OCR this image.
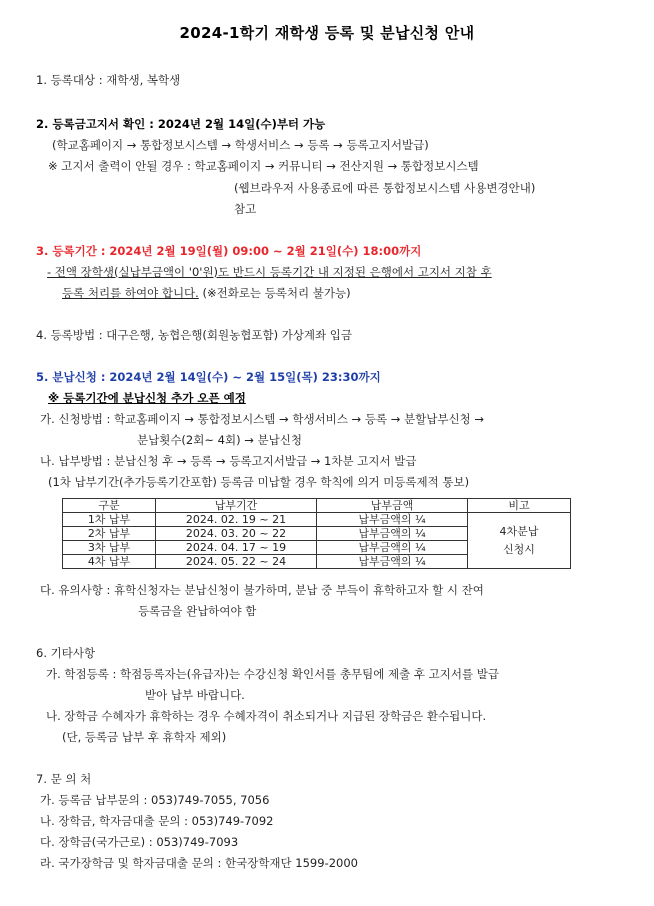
2024-1학기 재학생 등록 및 분납신청 안내
1. 등록대상 : 재학생, 복학생
2. 등록금고지서 확인 : 2024년 2월 14일(수)부터 가능
(학교홈페이지 → 통합정보시스템 → 학생서비스 → 등록 → 등록고지서발급)
※ 고지서 출력이 안될 경우 : 학교홈페이지 → 커뮤니티 → 전산지원 → 통합정보시스템
(웹브라우저 사용종료에 따른 통합정보시스템 사용변경안내)
참고
3. 등록기간 : 2024년 2월 19일(월) 09:00 ~ 2월 21일(수) 18:00까지
- 전액 장학생(실납부금액이 '0'원)도 반드시 등록기간 내 지정된 은행에서 고지서 지참 후
등록 처리를 하여야 합니다. (※전화로는 등록처리 불가능)
4. 등록방법 : 대구은행, 농협은행(회원농협포함) 가상계좌 입금
5. 분납신청 : 2024년 2월 14일(수) ~ 2월 15일(목) 23:30까지
※ 등록기간에 분납신청 추가 오픈 예정
가. 신청방법 : 학교홈페이지 → 통합정보시스템 → 학생서비스 → 등록 → 분할납부신청 →
분납횟수(2회~ 4회) → 분납신청
나. 납부방법 : 분납신청 후 → 등록 → 등록고지서발급 → 1차분 고지서 발급
(1차 납부기간(추가등록기간포함) 등록금 미납할 경우 학칙에 의거 미등록제적 통보)
구분	납부기간	납부금액	비고
1차 납부	2024. 02. 19 ~ 21	납부금액의 ¼	4차분납
신청시
2차 납부	2024. 03. 20 ~ 22	납부금액의 ¼	
3차 납부	2024. 04. 17 ~ 19	납부금액의 ¼	
4차 납부	2024. 05. 22 ~ 24	납부금액의 ¼	
다. 유의사항 : 휴학신청자는 분납신청이 불가하며, 분납 중 부득이 휴학하고자 할 시 잔여
등록금을 완납하여야 함
6. 기타사항
가. 학점등록 : 학점등록자는(유급자)는 수강신청 확인서를 총무팀에 제출 후 고지서를 발급
받아 납부 바랍니다.
나. 장학금 수혜자가 휴학하는 경우 수혜자격이 취소되거나 지급된 장학금은 환수됩니다.
(단, 등록금 납부 후 휴학자 제외)
7. 문 의 처
가. 등록금 납부문의 : 053)749-7055, 7056
나. 장학금, 학자금대출 문의 : 053)749-7092
다. 장학금(국가근로) : 053)749-7093
라. 국가장학금 및 학자금대출 문의 : 한국장학재단 1599-2000
